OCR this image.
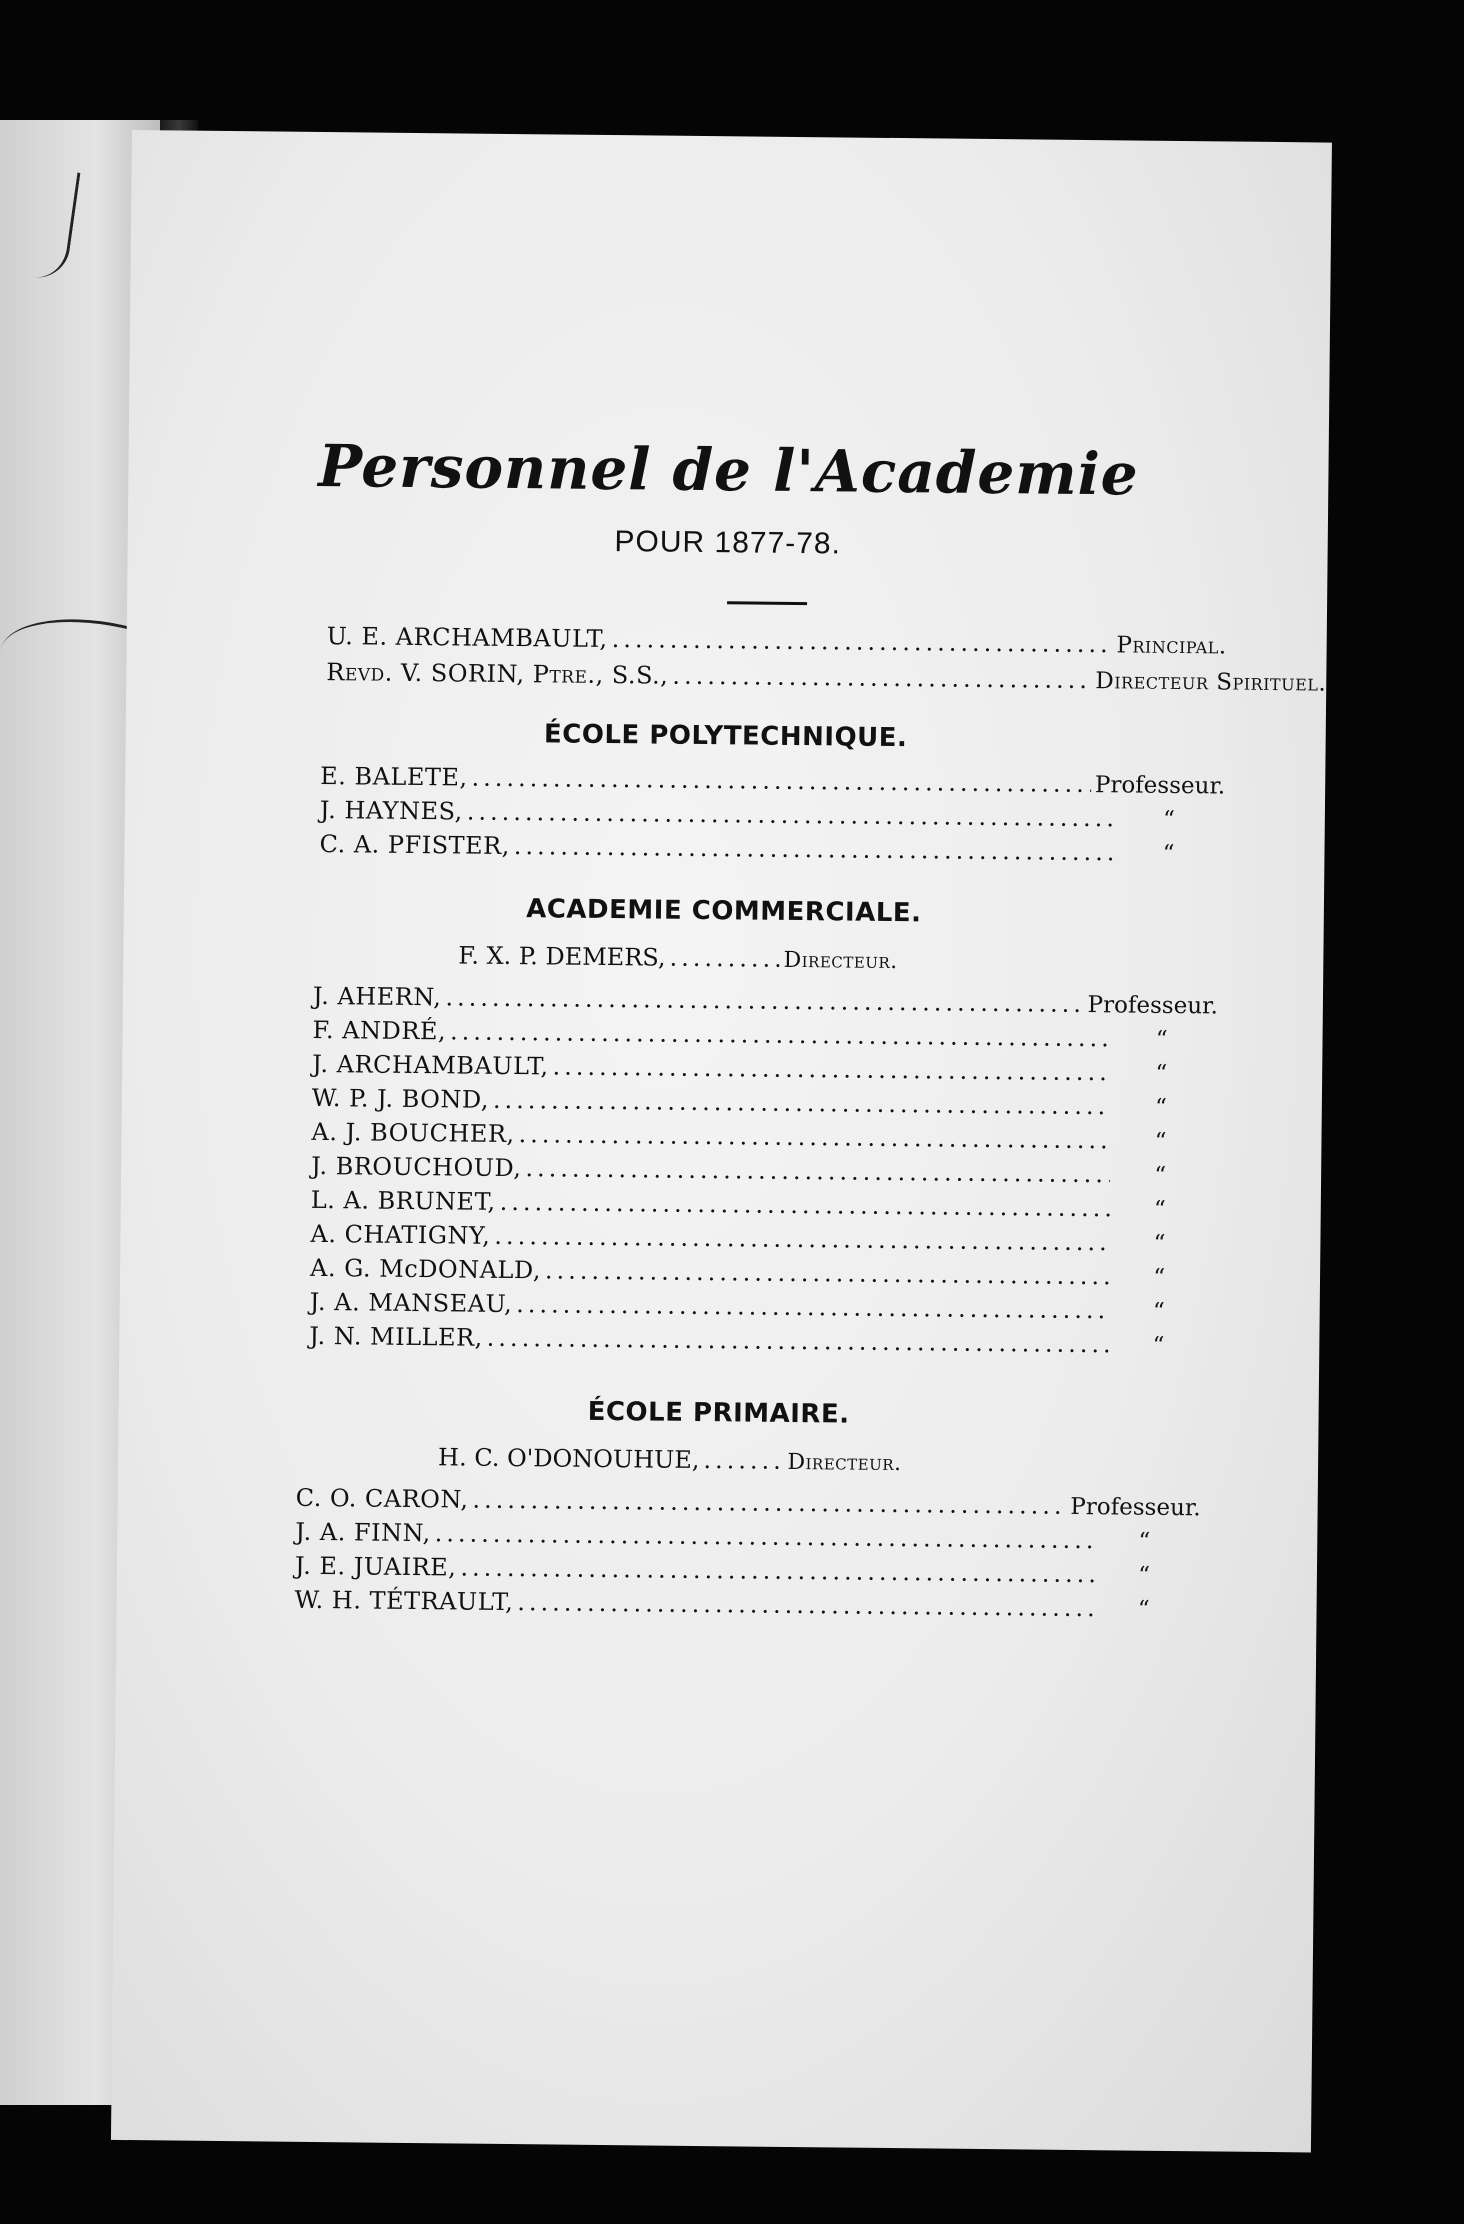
Personnel de l'Academie
POUR 1877-78.
U. E. ARCHAMBAULT, .....	Principal.
Revd. V. SORIN, Ptre., S.S., .....	Directeur Spirituel.
ÉCOLE POLYTECHNIQUE.
E. BALETE, .....	Professeur.
J. HAYNES, .....	“
C. A. PFISTER, .....	“
ACADEMIE COMMERCIALE.
F. X. P. DEMERS, .....	Directeur.
J. AHERN, .....	Professeur.
F. ANDRÉ, .....	“
J. ARCHAMBAULT, .....	“
W. P. J. BOND, .....	“
A. J. BOUCHER, .....	“
J. BROUCHOUD, .....	“
L. A. BRUNET, .....	“
A. CHATIGNY, .....	“
A. G. McDONALD, .....	“
J. A. MANSEAU, .....	“
J. N. MILLER, .....	“
ÉCOLE PRIMAIRE.
H. C. O'DONOUHUE, .....	Directeur.
C. O. CARON, .....	Professeur.
J. A. FINN, .....	“
J. E. JUAIRE, .....	“
W. H. TÉTRAULT, .....	“
